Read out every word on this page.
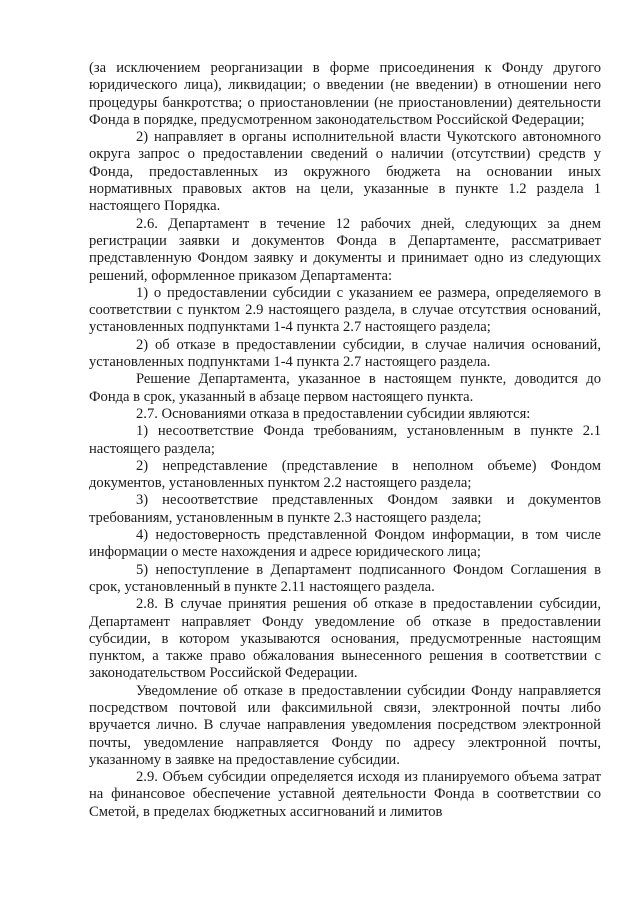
(за исключением реорганизации в форме присоединения к Фонду другого юридического лица), ликвидации; о введении (не введении) в отношении него процедуры банкротства; о приостановлении (не приостановлении) деятельности Фонда в порядке, предусмотренном законодательством Российской Федерации;

2) направляет в органы исполнительной власти Чукотского автономного округа запрос о предоставлении сведений о наличии (отсутствии) средств у Фонда, предоставленных из окружного бюджета на основании иных нормативных правовых актов на цели, указанные в пункте 1.2 раздела 1 настоящего Порядка.

2.6. Департамент в течение 12 рабочих дней, следующих за днем регистрации заявки и документов Фонда в Департаменте, рассматривает представленную Фондом заявку и документы и принимает одно из следующих решений, оформленное приказом Департамента:

1) о предоставлении субсидии с указанием ее размера, определяемого в соответствии с пунктом 2.9 настоящего раздела, в случае отсутствия оснований, установленных подпунктами 1-4 пункта 2.7 настоящего раздела;

2) об отказе в предоставлении субсидии, в случае наличия оснований, установленных подпунктами 1-4 пункта 2.7 настоящего раздела.

Решение Департамента, указанное в настоящем пункте, доводится до Фонда в срок, указанный в абзаце первом настоящего пункта.

2.7. Основаниями отказа в предоставлении субсидии являются:

1) несоответствие Фонда требованиям, установленным в пункте 2.1 настоящего раздела;

2) непредставление (представление в неполном объеме) Фондом документов, установленных пунктом 2.2 настоящего раздела;

3) несоответствие представленных Фондом заявки и документов требованиям, установленным в пункте 2.3 настоящего раздела;

4) недостоверность представленной Фондом информации, в том числе информации о месте нахождения и адресе юридического лица;

5) непоступление в Департамент подписанного Фондом Соглашения в срок, установленный в пункте 2.11 настоящего раздела.

2.8. В случае принятия решения об отказе в предоставлении субсидии, Департамент направляет Фонду уведомление об отказе в предоставлении субсидии, в котором указываются основания, предусмотренные настоящим пунктом, а также право обжалования вынесенного решения в соответствии с законодательством Российской Федерации.

Уведомление об отказе в предоставлении субсидии Фонду направляется посредством почтовой или факсимильной связи, электронной почты либо вручается лично. В случае направления уведомления посредством электронной почты, уведомление направляется Фонду по адресу электронной почты, указанному в заявке на предоставление субсидии.

2.9. Объем субсидии определяется исходя из планируемого объема затрат на финансовое обеспечение уставной деятельности Фонда в соответствии со Сметой, в пределах бюджетных ассигнований и лимитов
